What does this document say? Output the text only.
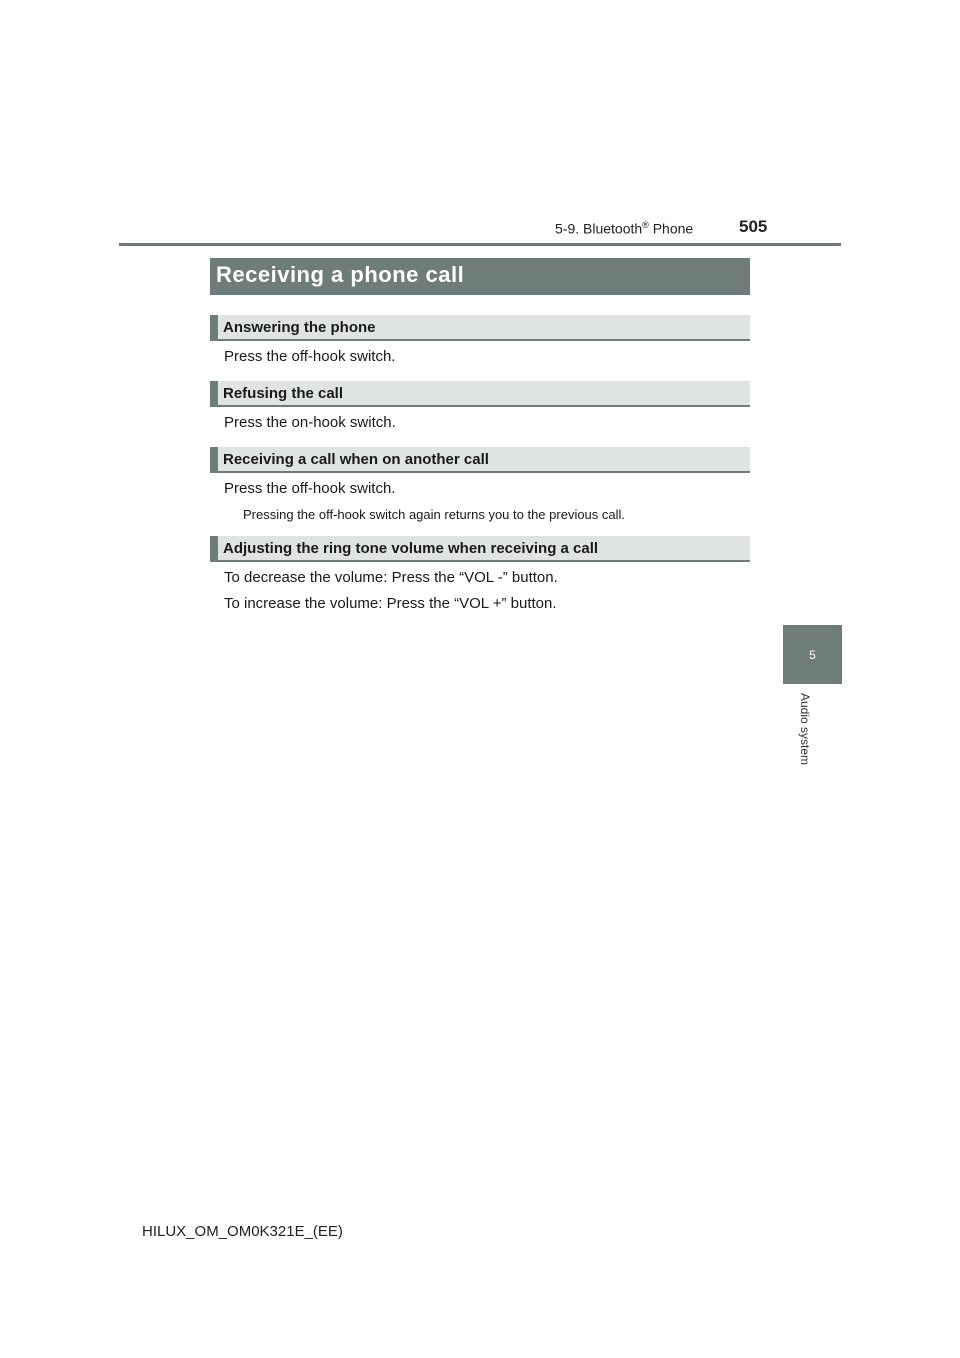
5-9. Bluetooth® Phone	505
5
Audio system
Receiving a phone call
Answering the phone
Press the off-hook switch.
Refusing the call
Press the on-hook switch.
Receiving a call when on another call
Press the off-hook switch.
Pressing the off-hook switch again returns you to the previous call.
Adjusting the ring tone volume when receiving a call
To decrease the volume: Press the “VOL -” button.
To increase the volume: Press the “VOL +” button.
HILUX_OM_OM0K321E_(EE)
